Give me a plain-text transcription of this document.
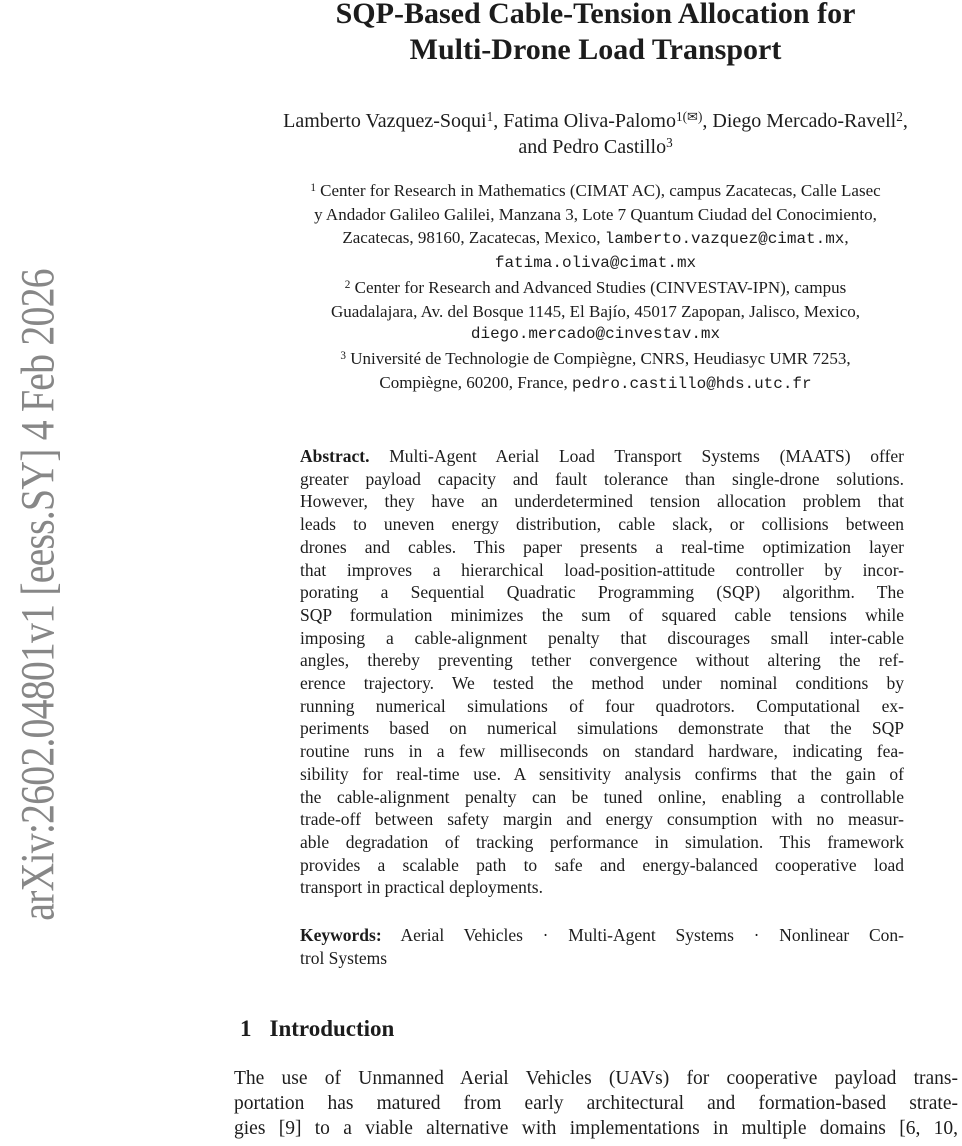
arXiv:2602.04801v1 [eess.SY] 4 Feb 2026
SQP-Based Cable-Tension Allocation for
Multi-Drone Load Transport
Lamberto Vazquez-Soqui$^1$, Fatima Oliva-Palomo$^{1(✉)}$, Diego Mercado-Ravell$^2$,
and Pedro Castillo$^3$
$^1$ Center for Research in Mathematics (CIMAT AC), campus Zacatecas, Calle Lasec
y Andador Galileo Galilei, Manzana 3, Lote 7 Quantum Ciudad del Conocimiento,
Zacatecas, 98160, Zacatecas, Mexico, lamberto.vazquez@cimat.mx,
fatima.oliva@cimat.mx
$^2$ Center for Research and Advanced Studies (CINVESTAV-IPN), campus
Guadalajara, Av. del Bosque 1145, El Bajío, 45017 Zapopan, Jalisco, Mexico,
diego.mercado@cinvestav.mx
$^3$ Université de Technologie de Compiègne, CNRS, Heudiasyc UMR 7253,
Compiègne, 60200, France, pedro.castillo@hds.utc.fr
Abstract. Multi-Agent Aerial Load Transport Systems (MAATS) offer
greater payload capacity and fault tolerance than single-drone solutions.
However, they have an underdetermined tension allocation problem that
leads to uneven energy distribution, cable slack, or collisions between
drones and cables. This paper presents a real-time optimization layer
that improves a hierarchical load-position-attitude controller by incor-
porating a Sequential Quadratic Programming (SQP) algorithm. The
SQP formulation minimizes the sum of squared cable tensions while
imposing a cable-alignment penalty that discourages small inter-cable
angles, thereby preventing tether convergence without altering the ref-
erence trajectory. We tested the method under nominal conditions by
running numerical simulations of four quadrotors. Computational ex-
periments based on numerical simulations demonstrate that the SQP
routine runs in a few milliseconds on standard hardware, indicating fea-
sibility for real-time use. A sensitivity analysis confirms that the gain of
the cable-alignment penalty can be tuned online, enabling a controllable
trade-off between safety margin and energy consumption with no measur-
able degradation of tracking performance in simulation. This framework
provides a scalable path to safe and energy-balanced cooperative load
transport in practical deployments.
Keywords: Aerial Vehicles · Multi-Agent Systems · Nonlinear Con-
trol Systems
1 Introduction
The use of Unmanned Aerial Vehicles (UAVs) for cooperative payload trans-
portation has matured from early architectural and formation-based strate-
gies [9] to a viable alternative with implementations in multiple domains [6, 10,
